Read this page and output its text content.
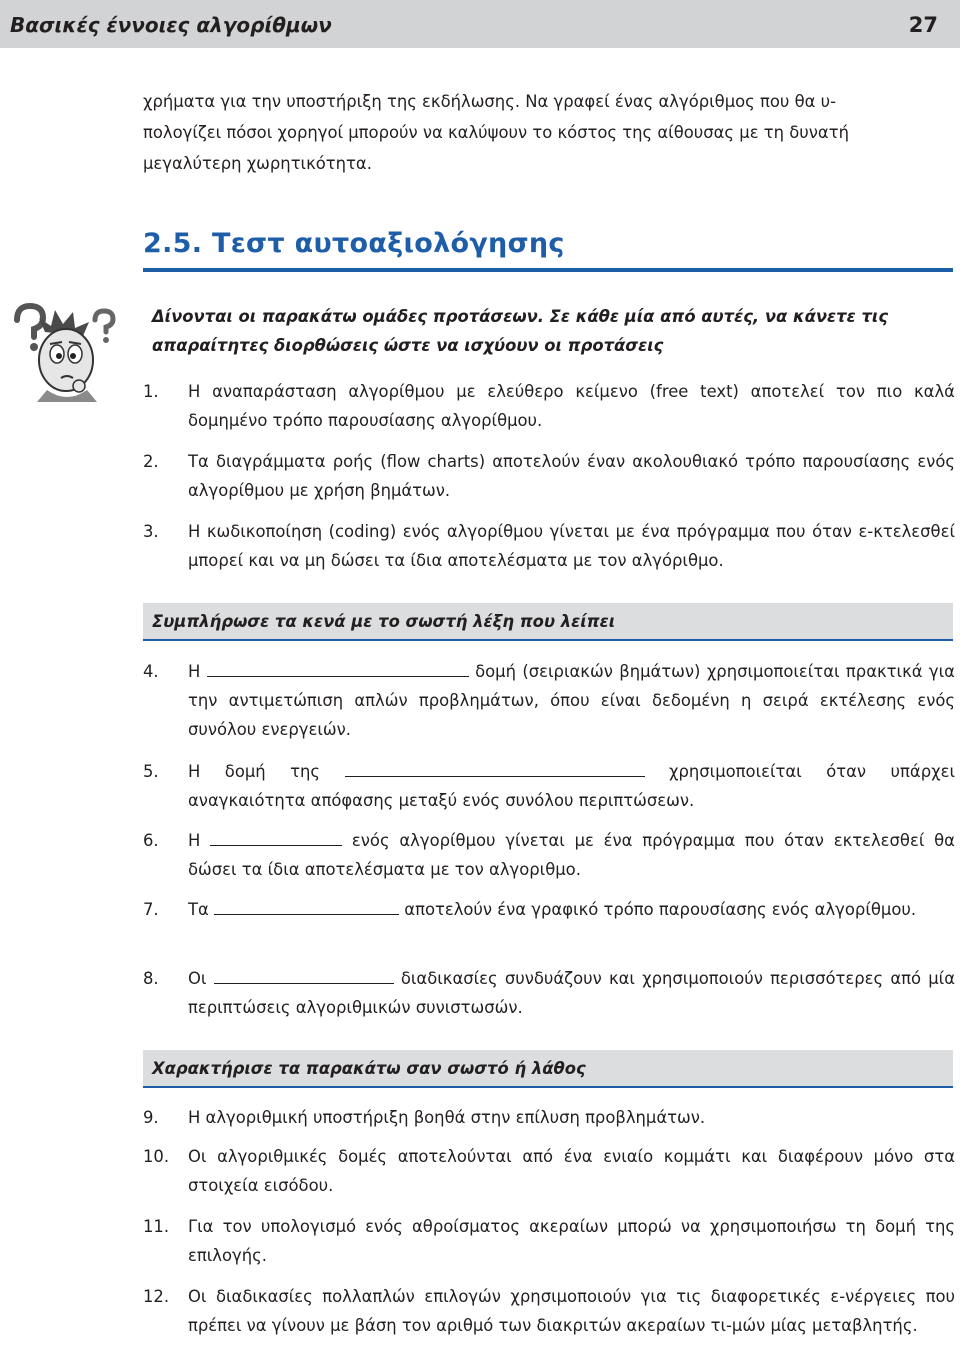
Βασικές έννοιες αλγορίθμων	27
χρήματα για την υποστήριξη της εκδήλωσης. Να γραφεί ένας αλγόριθμος που θα υ-
πολογίζει πόσοι χορηγοί μπορούν να καλύψουν το κόστος της αίθουσας με τη δυνατή
μεγαλύτερη χωρητικότητα.
2.5. Τεστ αυτοαξιολόγησης
Δίνονται οι παρακάτω ομάδες προτάσεων. Σε κάθε μία από αυτές, να κάνετε τις απαραίτητες διορθώσεις ώστε να ισχύουν οι προτάσεις
1. Η αναπαράσταση αλγορίθμου με ελεύθερο κείμενο (free text) αποτελεί τον πιο καλά δομημένο τρόπο παρουσίασης αλγορίθμου.
2. Τα διαγράμματα ροής (flow charts) αποτελούν έναν ακολουθιακό τρόπο παρουσίασης ενός αλγορίθμου με χρήση βημάτων.
3. Η κωδικοποίηση (coding) ενός αλγορίθμου γίνεται με ένα πρόγραμμα που όταν ε-κτελεσθεί μπορεί και να μη δώσει τα ίδια αποτελέσματα με τον αλγόριθμο.
Συμπλήρωσε τα κενά με το σωστή λέξη που λείπει
4. Η	δομή (σειριακών βημάτων) χρησιμοποιείται πρακτικά για την αντιμετώπιση απλών προβλημάτων, όπου είναι δεδομένη η σειρά εκτέλεσης ενός συνόλου ενεργειών.
5. Η δομή της	χρησιμοποιείται όταν υπάρχει αναγκαιότητα απόφασης μεταξύ ενός συνόλου περιπτώσεων.
6. Η	ενός αλγορίθμου γίνεται με ένα πρόγραμμα που όταν εκτελεσθεί θα δώσει τα ίδια αποτελέσματα με τον αλγοριθμο.
7. Τα	αποτελούν ένα γραφικό τρόπο παρουσίασης ενός αλγορίθμου.
8. Οι	διαδικασίες συνδυάζουν και χρησιμοποιούν περισσότερες από μία περιπτώσεις αλγοριθμικών συνιστωσών.
Χαρακτήρισε τα παρακάτω σαν σωστό ή λάθος
9. Η αλγοριθμική υποστήριξη βοηθά στην επίλυση προβλημάτων.
10. Οι αλγοριθμικές δομές αποτελούνται από ένα ενιαίο κομμάτι και διαφέρουν μόνο στα στοιχεία εισόδου.
11. Για τον υπολογισμό ενός αθροίσματος ακεραίων μπορώ να χρησιμοποιήσω τη δομή της επιλογής.
12. Οι διαδικασίες πολλαπλών επιλογών χρησιμοποιούν για τις διαφορετικές ε-νέργειες που πρέπει να γίνουν με βάση τον αριθμό των διακριτών ακεραίων τι-μών μίας μεταβλητής.
